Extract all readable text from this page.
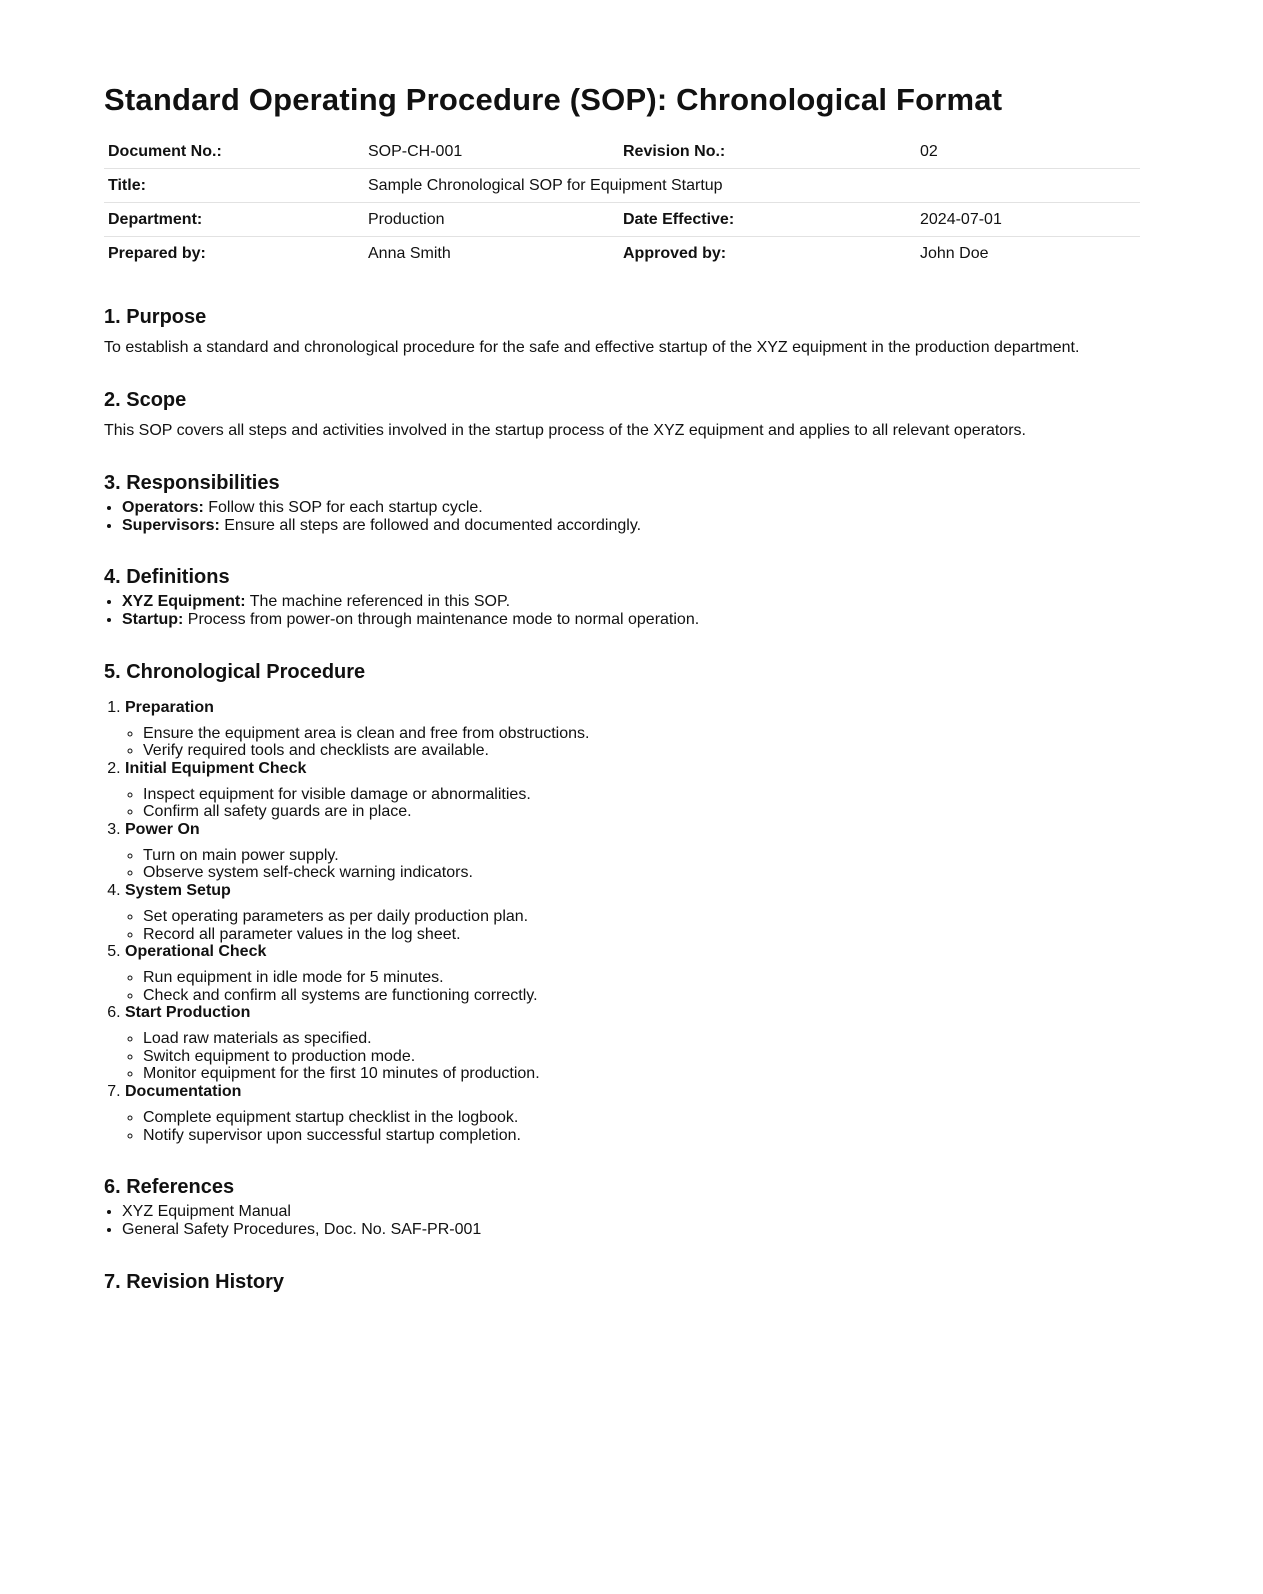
Standard Operating Procedure (SOP): Chronological Format
Document No.:	SOP-CH-001	Revision No.:	02
Title:	Sample Chronological SOP for Equipment Startup		
Department:	Production	Date Effective:	2024-07-01
Prepared by:	Anna Smith	Approved by:	John Doe
1. Purpose

To establish a standard and chronological procedure for the safe and effective startup of the XYZ equipment in the production department.

2. Scope

This SOP covers all steps and activities involved in the startup process of the XYZ equipment and applies to all relevant operators.

3. Responsibilities
• Operators: Follow this SOP for each startup cycle.
• Supervisors: Ensure all steps are followed and documented accordingly.
4. Definitions
• XYZ Equipment: The machine referenced in this SOP.
• Startup: Process from power-on through maintenance mode to normal operation.
5. Chronological Procedure
1. Preparation
◦ Ensure the equipment area is clean and free from obstructions.
◦ Verify required tools and checklists are available.
2. Initial Equipment Check
◦ Inspect equipment for visible damage or abnormalities.
◦ Confirm all safety guards are in place.
3. Power On
◦ Turn on main power supply.
◦ Observe system self-check warning indicators.
4. System Setup
◦ Set operating parameters as per daily production plan.
◦ Record all parameter values in the log sheet.
5. Operational Check
◦ Run equipment in idle mode for 5 minutes.
◦ Check and confirm all systems are functioning correctly.
6. Start Production
◦ Load raw materials as specified.
◦ Switch equipment to production mode.
◦ Monitor equipment for the first 10 minutes of production.
7. Documentation
◦ Complete equipment startup checklist in the logbook.
◦ Notify supervisor upon successful startup completion.
6. References
• XYZ Equipment Manual
• General Safety Procedures, Doc. No. SAF-PR-001
7. Revision History
